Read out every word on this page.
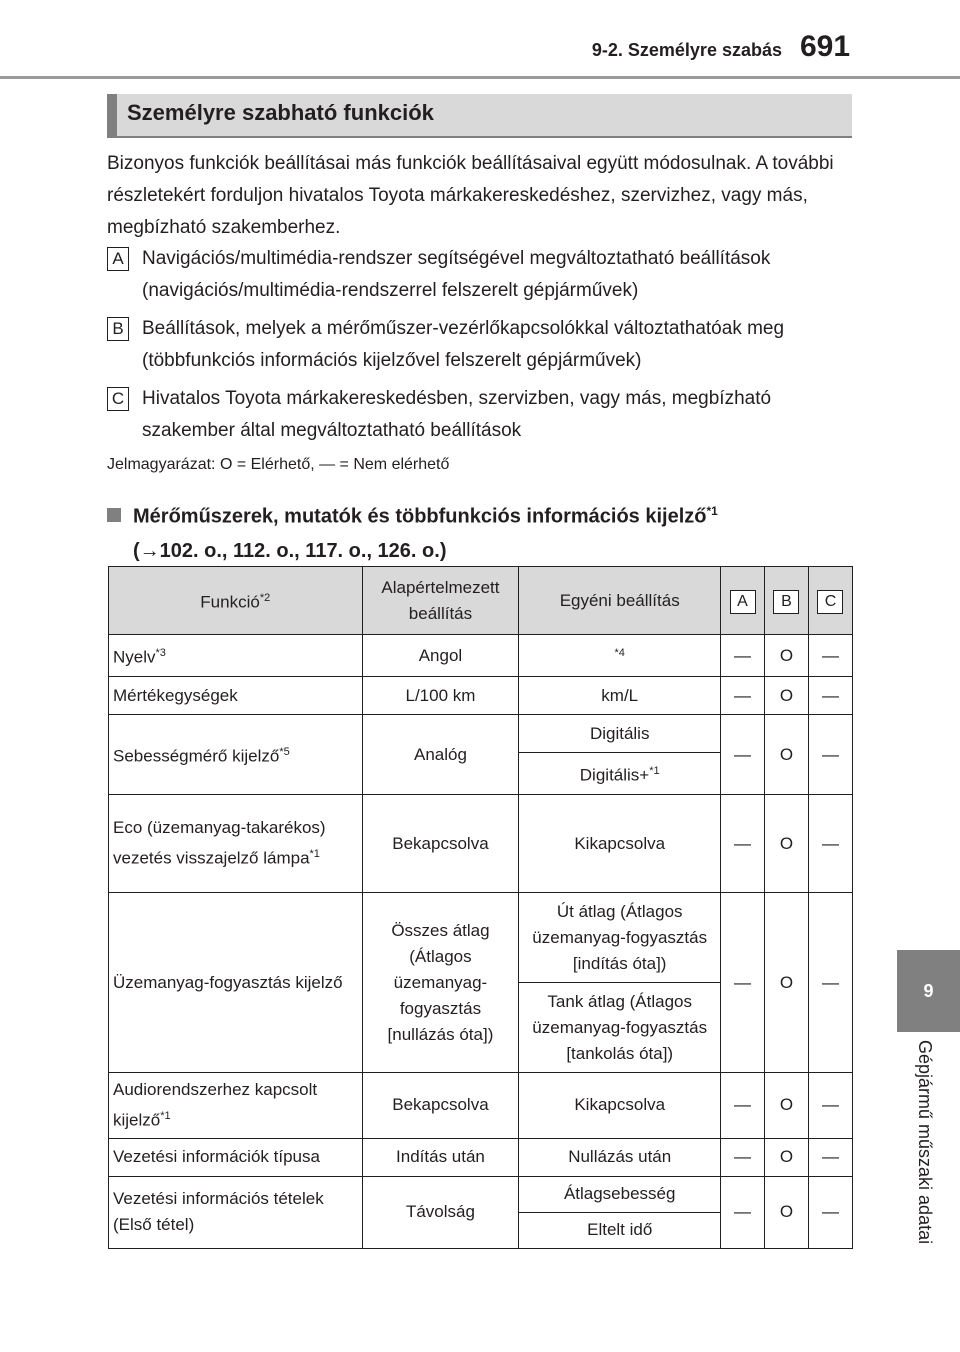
9-2. Személyre szabás 691
Személyre szabható funkciók

Bizonyos funkciók beállításai más funkciók beállításaival együtt módosulnak. A további részletekért forduljon hivatalos Toyota márkakereskedéshez, szervizhez, vagy más, megbízható szakemberhez.

A Navigációs/multimédia-rendszer segítségével megváltoztatható beállítások (navigációs/multimédia-rendszerrel felszerelt gépjárművek)
B Beállítások, melyek a mérőműszer-vezérlőkapcsolókkal változtathatóak meg (többfunkciós információs kijelzővel felszerelt gépjárművek)
C Hivatalos Toyota márkakereskedésben, szervizben, vagy más, megbízható szakember által megváltoztatható beállítások
Jelmagyarázat: O = Elérhető, — = Nem elérhető
Mérőműszerek, mutatók és többfunkciós információs kijelző$^{*1}$
(→102. o., 112. o., 117. o., 126. o.)
Funkció$^{*2}$	Alapértelmezett beállítás	Egyéni beállítás	A	B	C
Nyelv$^{*3}$	Angol	$^{*4}$	—	O	—
Mértékegységek	L/100 km	km/L	—	O	—
Sebességmérő kijelző$^{*5}$	Analóg	Digitális	—	O	—
		Digitális+$^{*1}$
Eco (üzemanyag-takarékos) vezetés visszajelző lámpa$^{*1}$	Bekapcsolva	Kikapcsolva	—	O	—
Üzemanyag-fogyasztás kijelző	Összes átlag (Átlagos üzemanyag-fogyasztás [nullázás óta])	Út átlag (Átlagos üzemanyag-fogyasztás [indítás óta])	—	O	—
		Tank átlag (Átlagos üzemanyag-fogyasztás [tankolás óta])			
Audiorendszerhez kapcsolt kijelző$^{*1}$	Bekapcsolva	Kikapcsolva	—	O	—
Vezetési információk típusa	Indítás után	Nullázás után	—	O	—
Vezetési információs tételek (Első tétel)	Távolság	Átlagsebesség	—	O	—
		Eltelt idő			
9
Gépjármű műszaki adatai
